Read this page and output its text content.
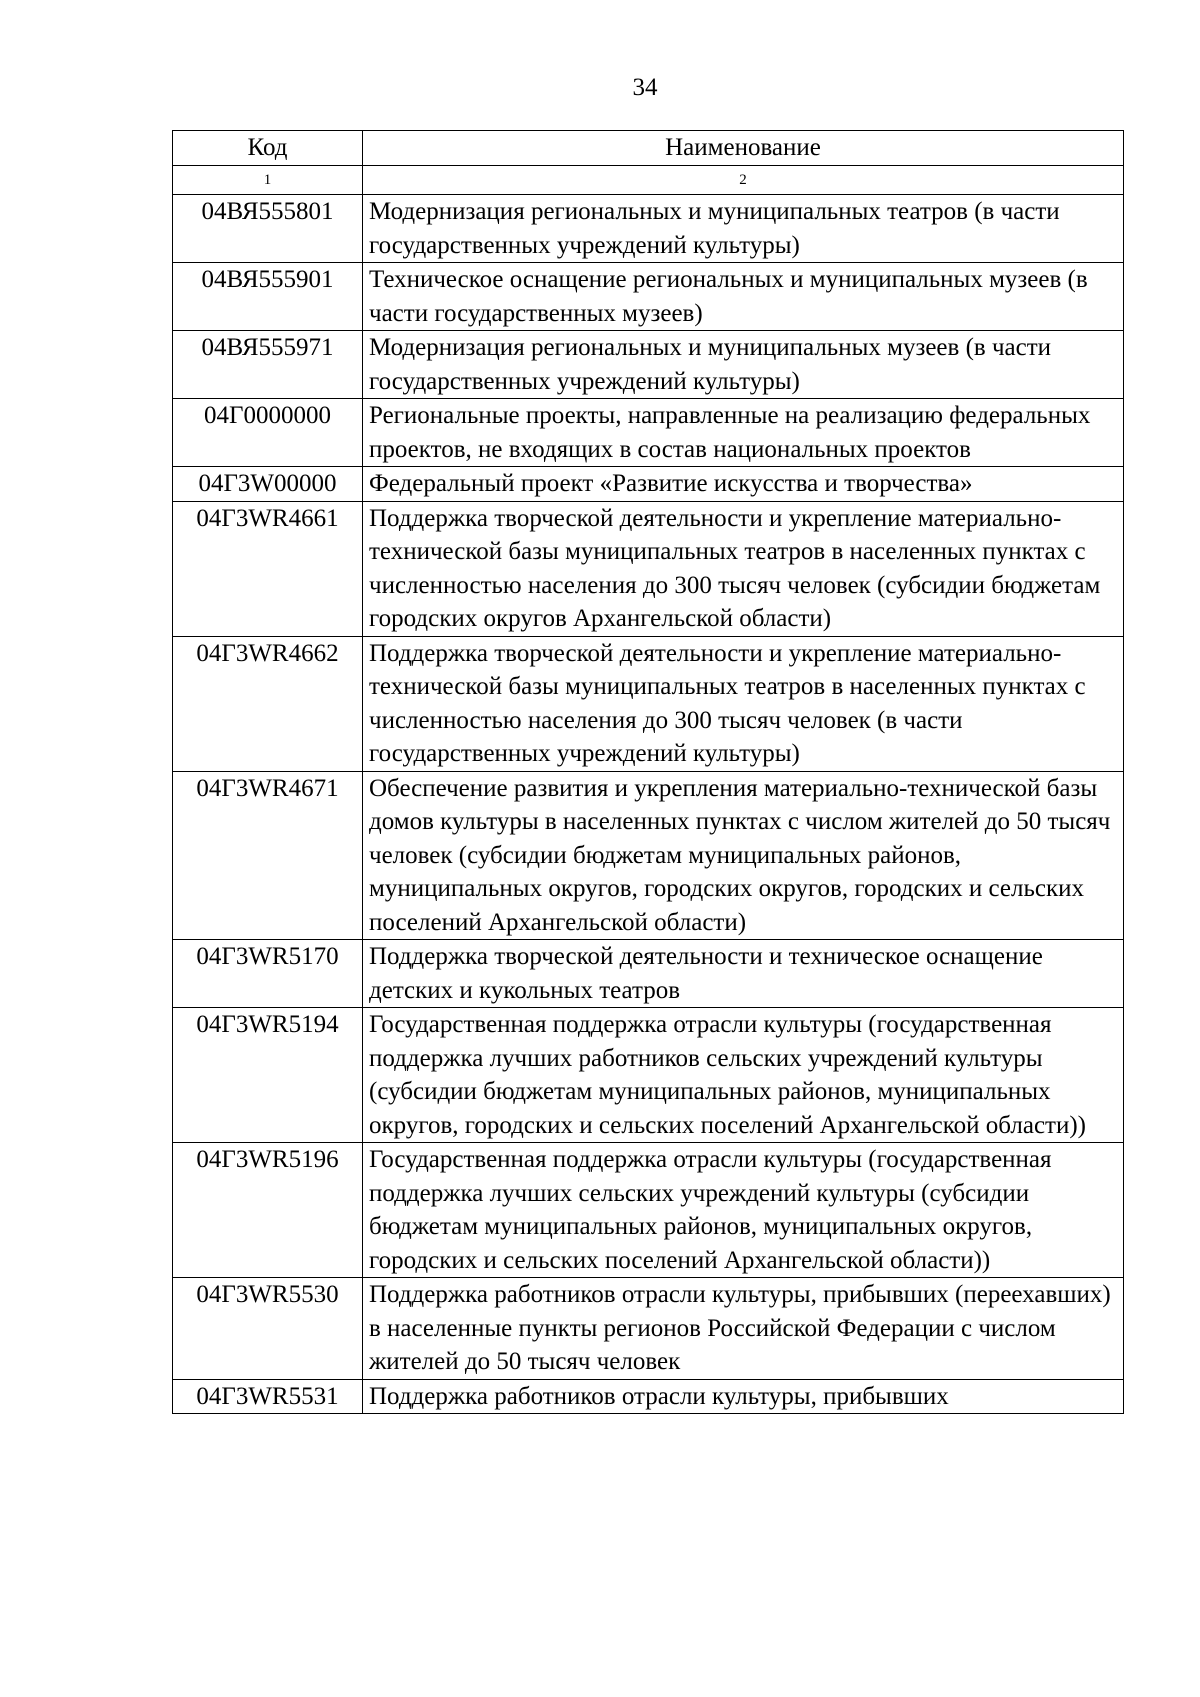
34
Код	Наименование
1	2
04ВЯ555801	Модернизация региональных и муниципальных театров (в части государственных учреждений культуры)
04ВЯ555901	Техническое оснащение региональных и муниципальных музеев (в части государственных музеев)
04ВЯ555971	Модернизация региональных и муниципальных музеев (в части государственных учреждений культуры)
04Г0000000	Региональные проекты, направленные на реализацию федеральных проектов, не входящих в состав национальных проектов
04Г3W00000	Федеральный проект «Развитие искусства и творчества»
04Г3WR4661	Поддержка творческой деятельности и укрепление материально-технической базы муниципальных театров в населенных пунктах с численностью населения до 300 тысяч человек (субсидии бюджетам городских округов Архангельской области)
04Г3WR4662	Поддержка творческой деятельности и укрепление материально-технической базы муниципальных театров в населенных пунктах с численностью населения до 300 тысяч человек (в части государственных учреждений культуры)
04Г3WR4671	Обеспечение развития и укрепления материально-технической базы домов культуры в населенных пунктах с числом жителей до 50 тысяч человек (субсидии бюджетам муниципальных районов, муниципальных округов, городских округов, городских и сельских поселений Архангельской области)
04Г3WR5170	Поддержка творческой деятельности и техническое оснащение детских и кукольных театров
04Г3WR5194	Государственная поддержка отрасли культуры (государственная поддержка лучших работников сельских учреждений культуры (субсидии бюджетам муниципальных районов, муниципальных округов, городских и сельских поселений Архангельской области))
04Г3WR5196	Государственная поддержка отрасли культуры (государственная поддержка лучших сельских учреждений культуры (субсидии бюджетам муниципальных районов, муниципальных округов, городских и сельских поселений Архангельской области))
04Г3WR5530	Поддержка работников отрасли культуры, прибывших (переехавших) в населенные пункты регионов Российской Федерации с числом жителей до 50 тысяч человек
04Г3WR5531	Поддержка работников отрасли культуры, прибывших
